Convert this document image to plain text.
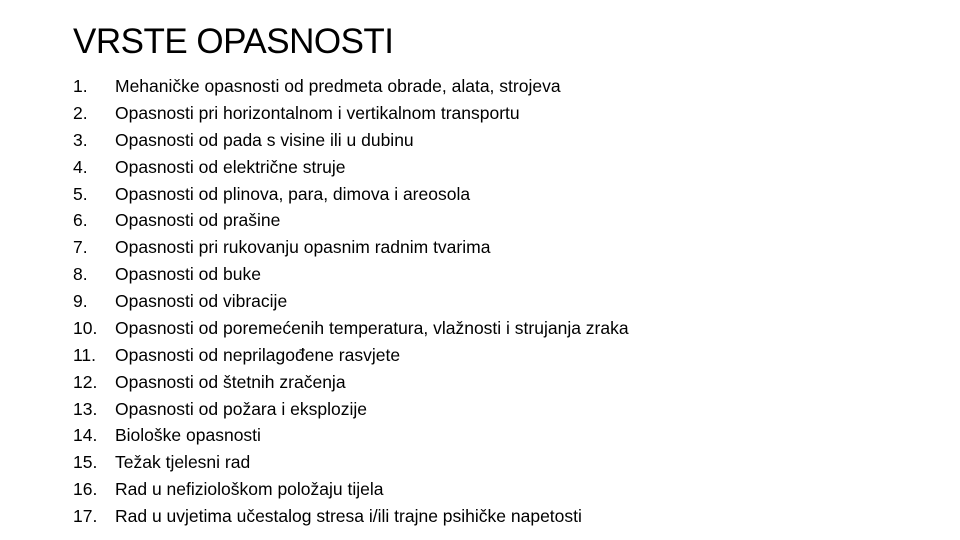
VRSTE OPASNOSTI
1.	Mehaničke opasnosti od predmeta obrade, alata, strojeva
2.	Opasnosti pri horizontalnom i vertikalnom transportu
3.	Opasnosti od pada s visine ili u dubinu
4.	Opasnosti od električne struje
5.	Opasnosti od plinova, para, dimova i areosola
6.	Opasnosti od prašine
7.	Opasnosti pri rukovanju opasnim radnim tvarima
8.	Opasnosti od buke
9.	Opasnosti od vibracije
10.	Opasnosti od poremećenih temperatura, vlažnosti i strujanja zraka
11.	Opasnosti od neprilagođene rasvjete
12.	Opasnosti od štetnih zračenja
13.	Opasnosti od požara i eksplozije
14.	Biološke opasnosti
15.	Težak tjelesni rad
16.	Rad u nefiziološkom položaju tijela
17.	Rad u uvjetima učestalog stresa i/ili trajne psihičke napetosti
